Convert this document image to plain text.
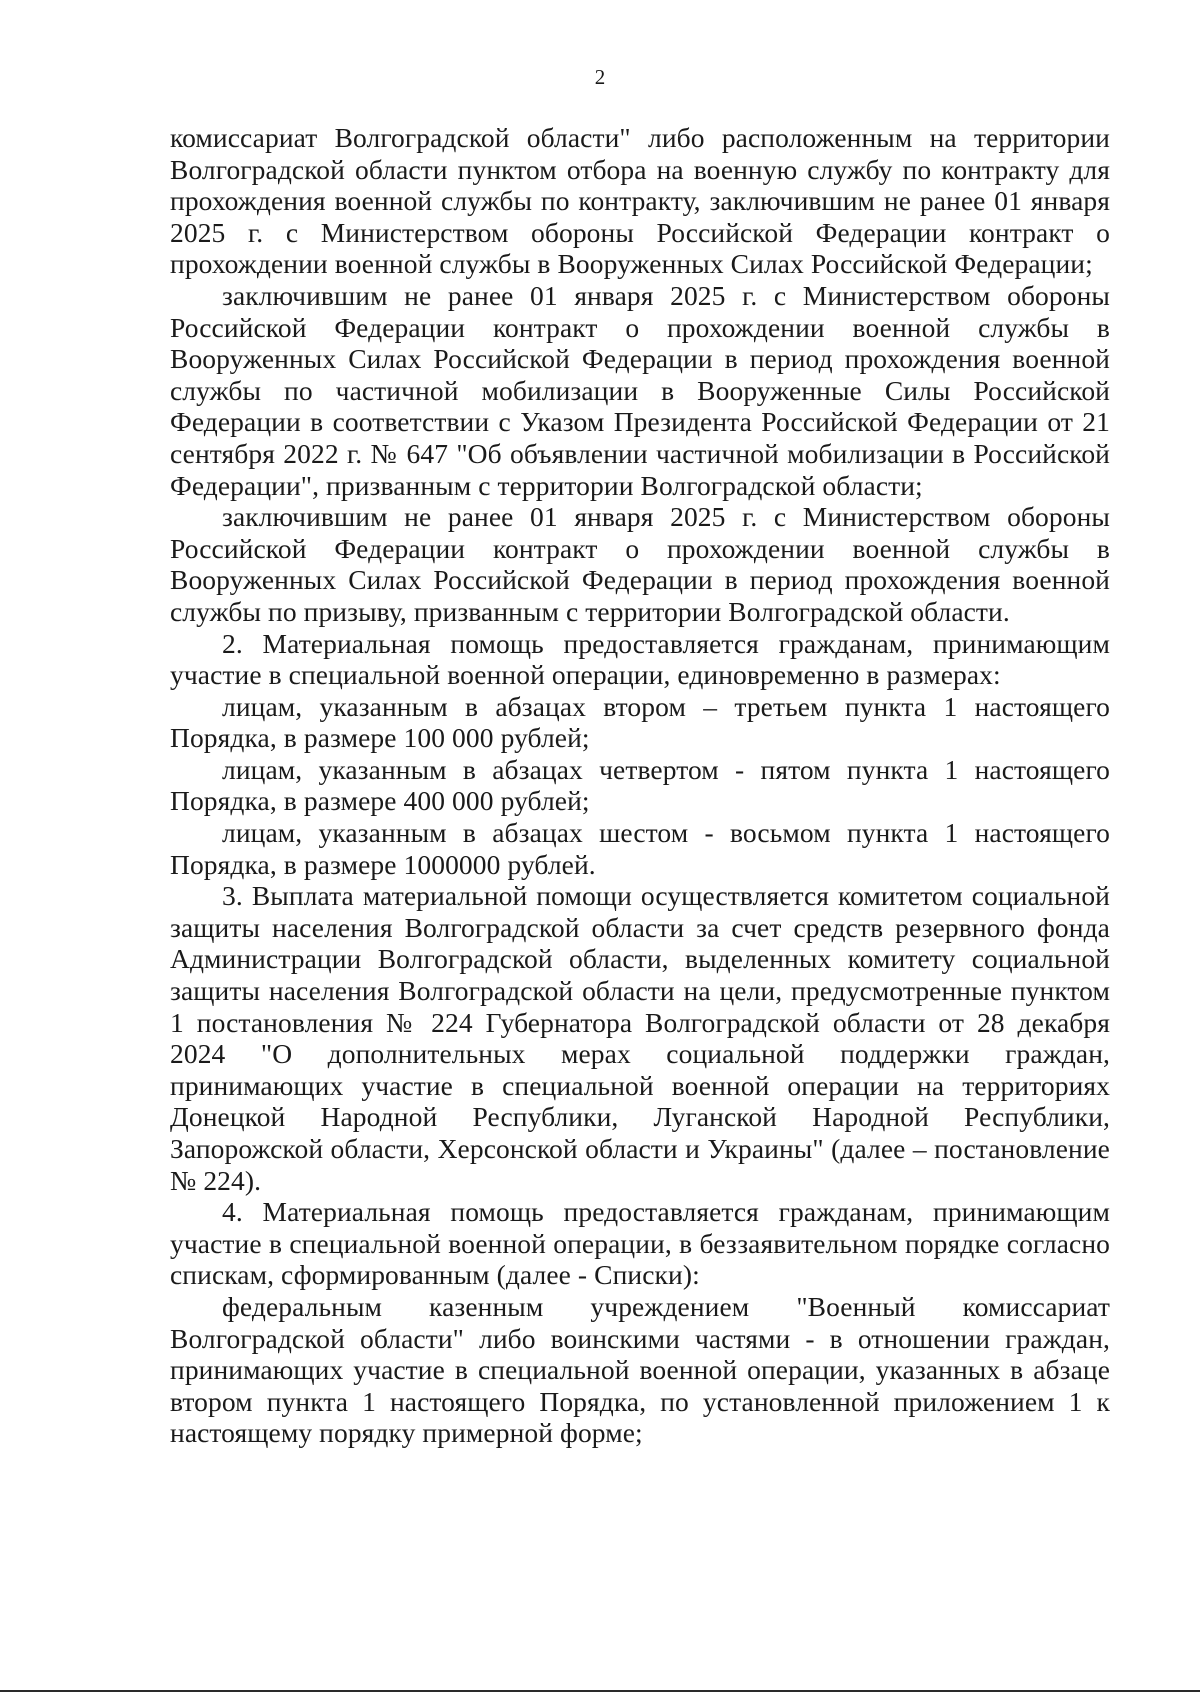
2

комиссариат Волгоградской области" либо расположенным на территории Волгоградской области пунктом отбора на военную службу по контракту для прохождения военной службы по контракту, заключившим не ранее 01 января 2025 г. с Министерством обороны Российской Федерации контракт о прохождении военной службы в Вооруженных Силах Российской Федерации;

заключившим не ранее 01 января 2025 г. с Министерством обороны Российской Федерации контракт о прохождении военной службы в Вооруженных Силах Российской Федерации в период прохождения военной службы по частичной мобилизации в Вооруженные Силы Российской Федерации в соответствии с Указом Президента Российской Федерации от 21 сентября 2022 г. № 647 "Об объявлении частичной мобилизации в Российской Федерации", призванным с территории Волгоградской области;

заключившим не ранее 01 января 2025 г. с Министерством обороны Российской Федерации контракт о прохождении военной службы в Вооруженных Силах Российской Федерации в период прохождения военной службы по призыву, призванным с территории Волгоградской области.

2. Материальная помощь предоставляется гражданам, принимающим участие в специальной военной операции, единовременно в размерах:

лицам, указанным в абзацах втором – третьем пункта 1 настоящего Порядка, в размере 100 000 рублей;

лицам, указанным в абзацах четвертом - пятом пункта 1 настоящего Порядка, в размере 400 000 рублей;

лицам, указанным в абзацах шестом - восьмом пункта 1 настоящего Порядка, в размере 1000000 рублей.

3. Выплата материальной помощи осуществляется комитетом социальной защиты населения Волгоградской области за счет средств резервного фонда Администрации Волгоградской области, выделенных комитету социальной защиты населения Волгоградской области на цели, предусмотренные пунктом 1 постановления № 224 Губернатора Волгоградской области от 28 декабря 2024 "О дополнительных мерах социальной поддержки граждан, принимающих участие в специальной военной операции на территориях Донецкой Народной Республики, Луганской Народной Республики, Запорожской области, Херсонской области и Украины" (далее – постановление № 224).

4. Материальная помощь предоставляется гражданам, принимающим участие в специальной военной операции, в беззаявительном порядке согласно спискам, сформированным (далее - Списки):

федеральным казенным учреждением "Военный комиссариат Волгоградской области" либо воинскими частями - в отношении граждан, принимающих участие в специальной военной операции, указанных в абзаце втором пункта 1 настоящего Порядка, по установленной приложением 1 к настоящему порядку примерной форме;
